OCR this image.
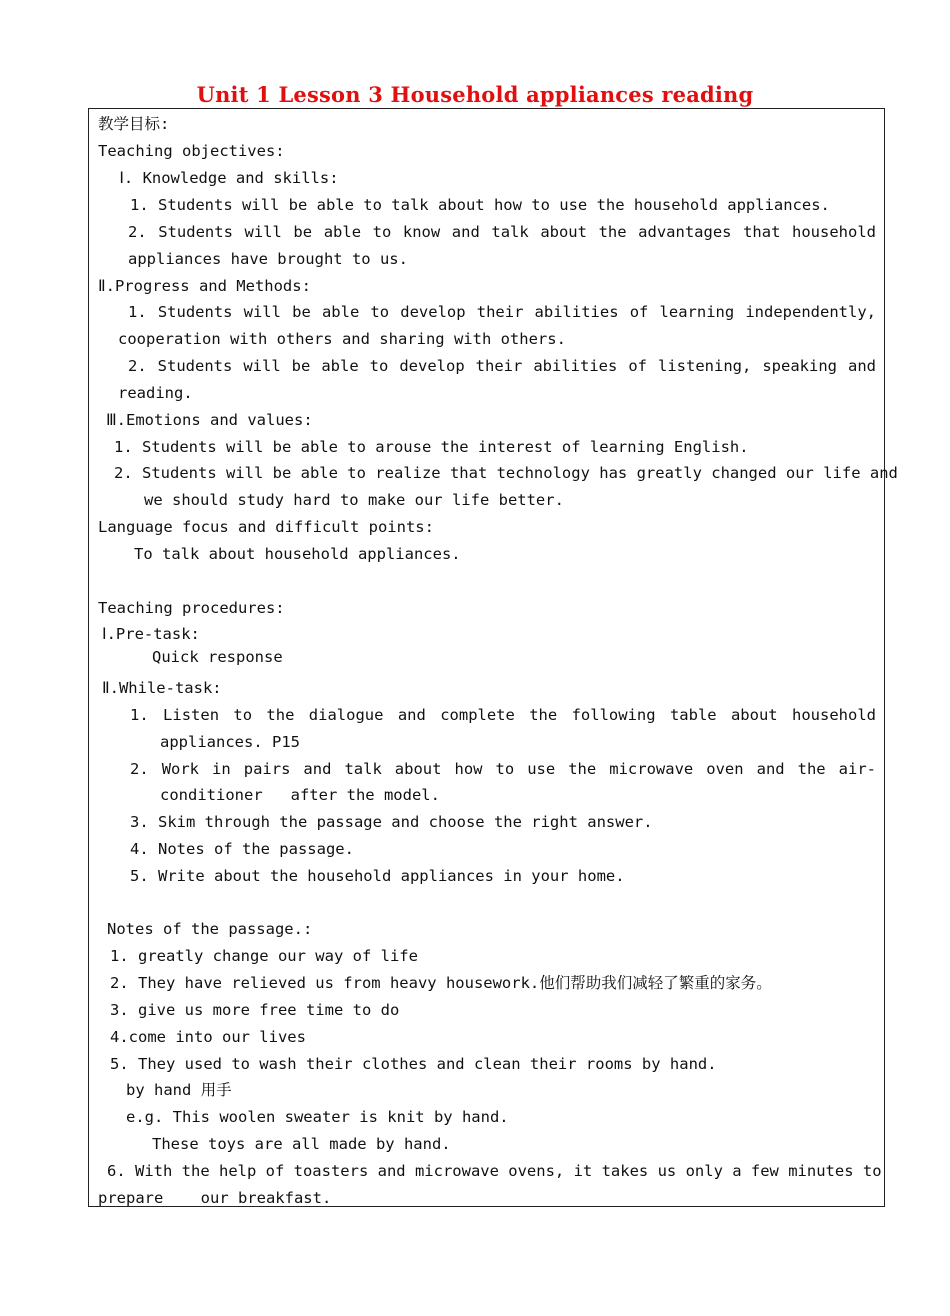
Unit 1 Lesson 3 Household appliances reading
教学目标:
Teaching objectives:
Ⅰ. Knowledge and skills:
1. Students will be able to talk about how to use the household appliances.
2. Students will be able to know and talk about the advantages that household
appliances have brought to us.
Ⅱ.Progress and Methods:
1. Students will be able to develop their abilities of learning independently,
cooperation with others and sharing with others.
2. Students will be able to develop their abilities of listening, speaking and
reading.
Ⅲ.Emotions and values:
1. Students will be able to arouse the interest of learning English.
2. Students will be able to realize that technology has greatly changed our life and
we should study hard to make our life better.
Language focus and difficult points:
To talk about household appliances.
Teaching procedures:
Ⅰ.Pre-task:
Quick response
Ⅱ.While-task:
1. Listen to the dialogue and complete the following table about household
appliances. P15
2. Work in pairs and talk about how to use the microwave oven and the air-
conditioner   after the model.
3. Skim through the passage and choose the right answer.
4. Notes of the passage.
5. Write about the household appliances in your home.
Notes of the passage.:
1. greatly change our way of life
2. They have relieved us from heavy housework.他们帮助我们减轻了繁重的家务。
3. give us more free time to do
4.come into our lives
5. They used to wash their clothes and clean their rooms by hand.
by hand 用手
e.g. This woolen sweater is knit by hand.
These toys are all made by hand.
6. With the help of toasters and microwave ovens, it takes us only a few minutes to
prepare    our breakfast.
